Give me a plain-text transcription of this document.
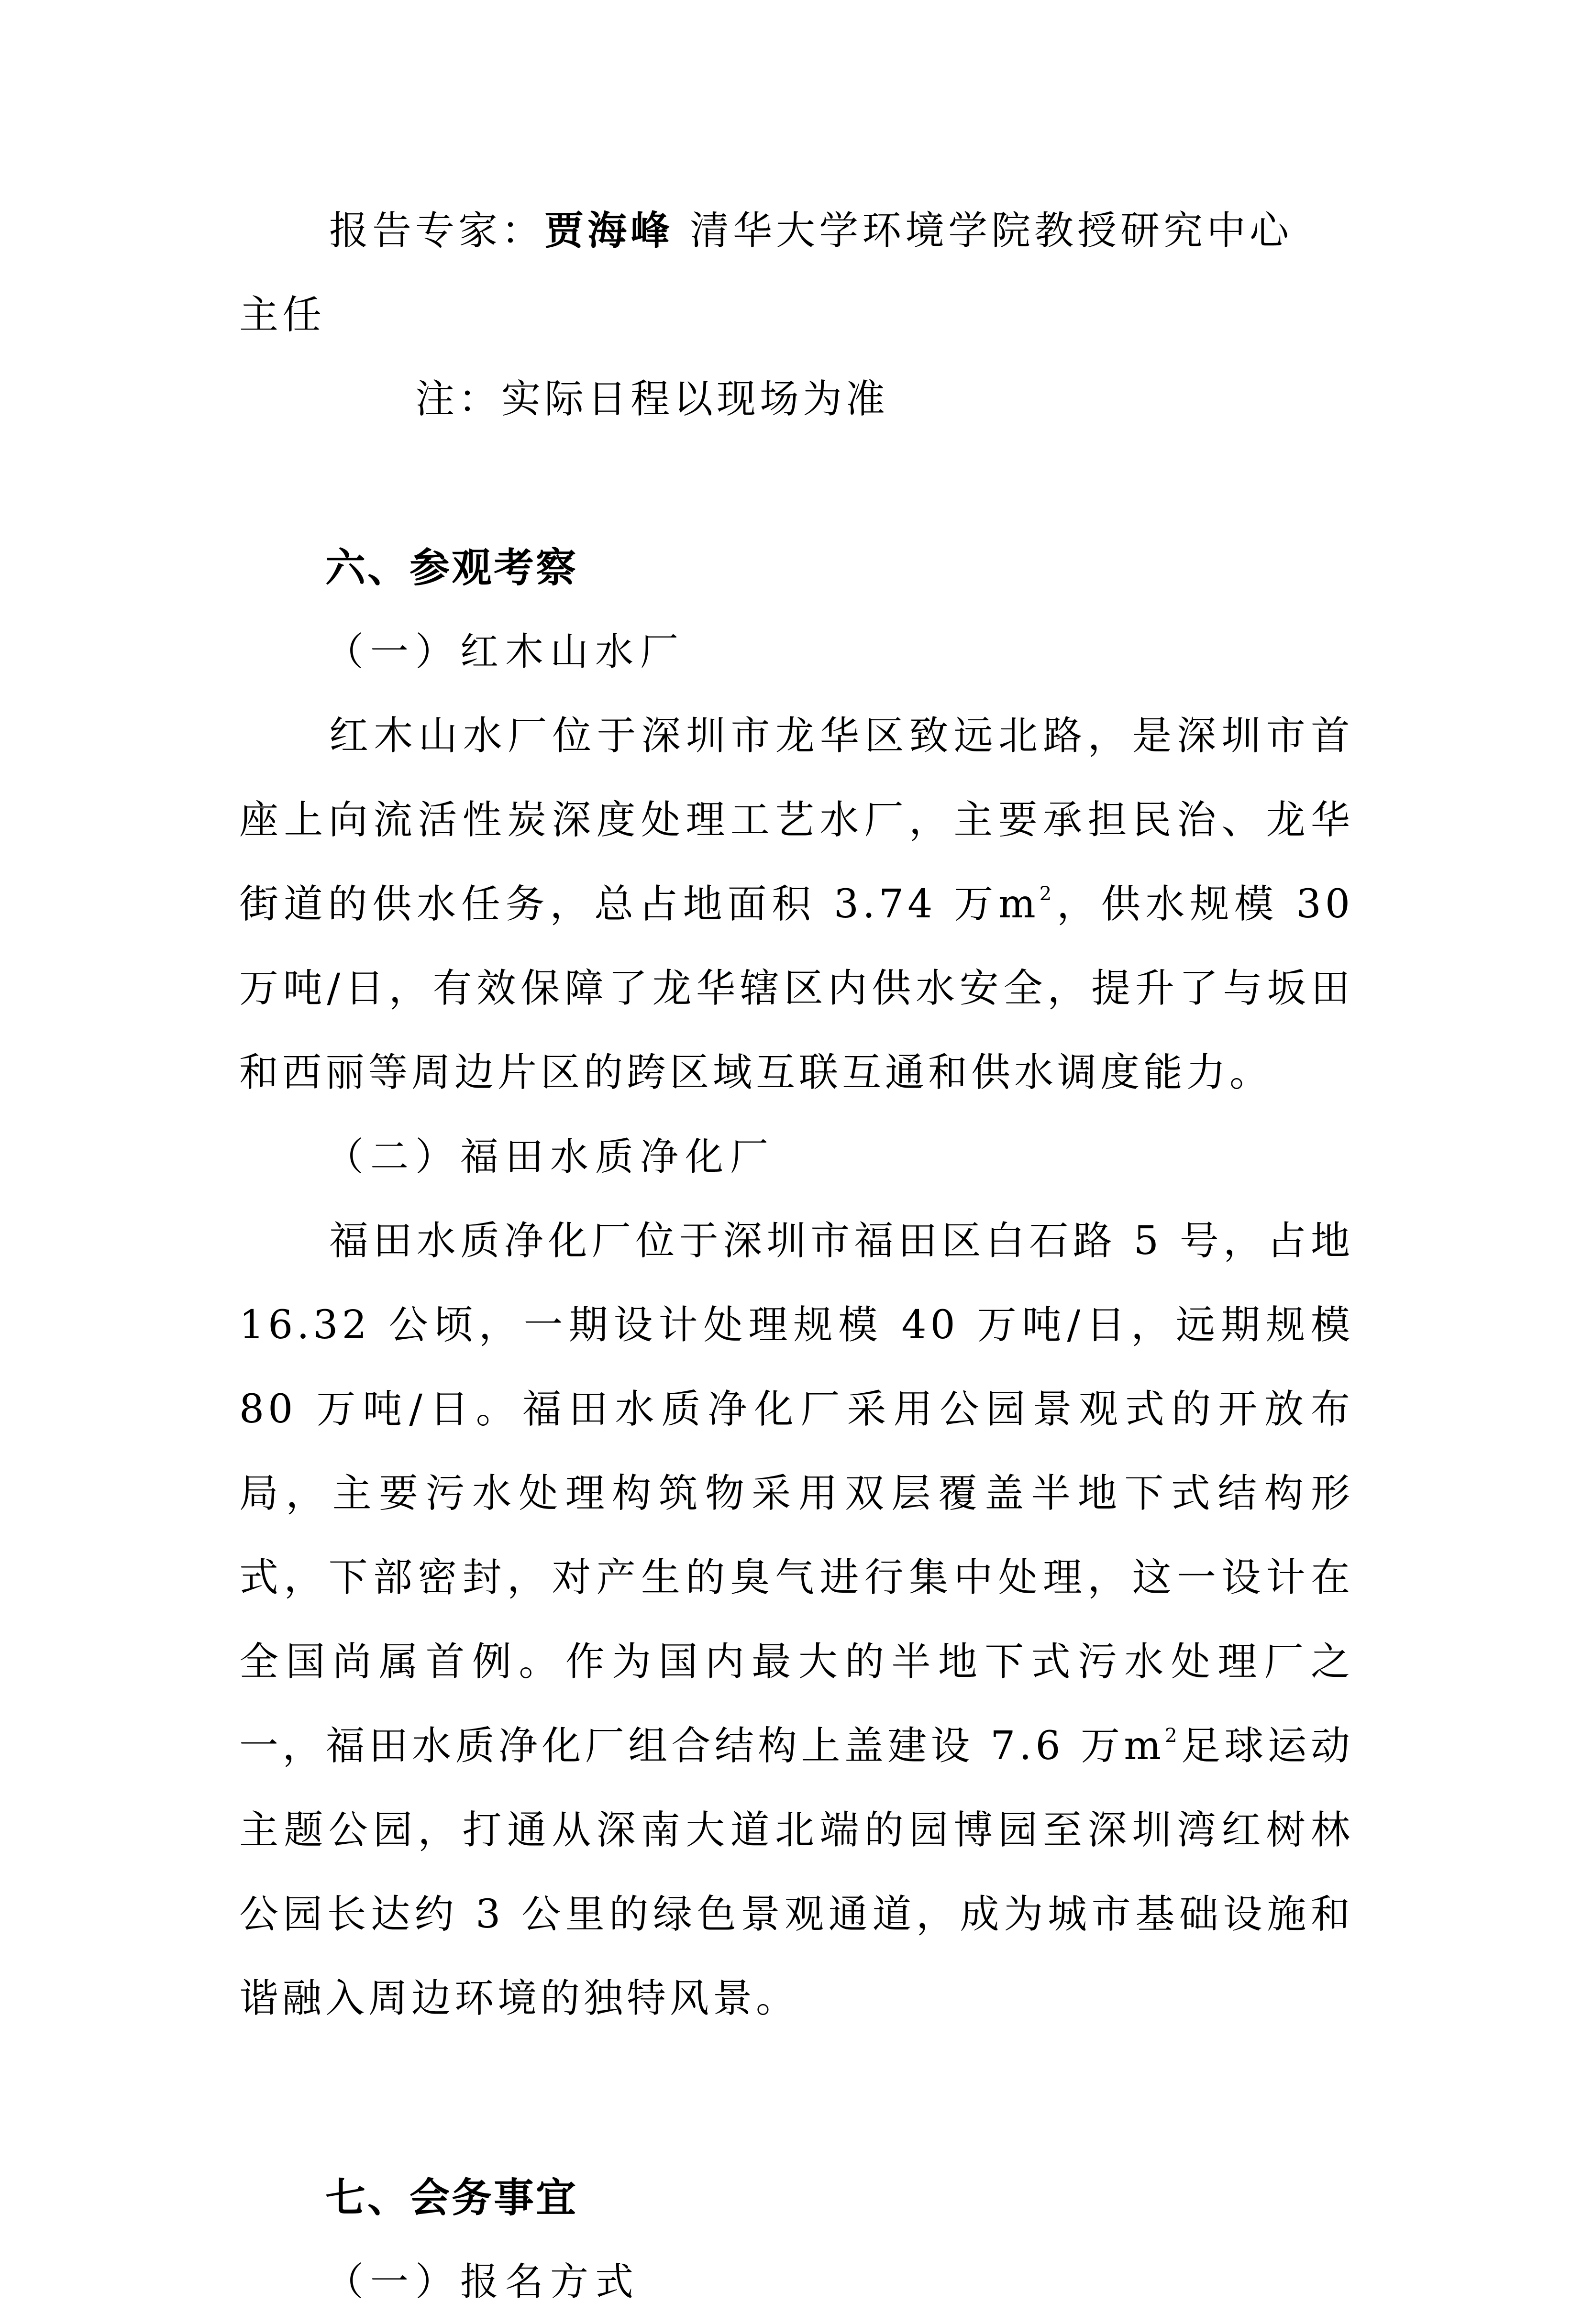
报告专家：贾海峰 清华大学环境学院教授研究中心
主任

注：实际日程以现场为准
六、参观考察
（一）红木山水厂

红木山水厂位于深圳市龙华区致远北路，是深圳市首座上向流活性炭深度处理工艺水厂，主要承担民治、龙华街道的供水任务，总占地面积 3.74 万$m^2$，供水规模 30 万吨/日，有效保障了龙华辖区内供水安全，提升了与坂田和西丽等周边片区的跨区域互联互通和供水调度能力。

（二）福田水质净化厂

福田水质净化厂位于深圳市福田区白石路 5 号，占地16.32 公顷，一期设计处理规模 40 万吨/日，远期规模 80 万吨/日。福田水质净化厂采用公园景观式的开放布局，主要污水处理构筑物采用双层覆盖半地下式结构形式，下部密封，对产生的臭气进行集中处理，这一设计在全国尚属首例。作为国内最大的半地下式污水处理厂之一，福田水质净化厂组合结构上盖建设 7.6 万$m^2$足球运动主题公园，打通从深南大道北端的园博园至深圳湾红树林公园长达约 3 公里的绿色景观通道，成为城市基础设施和谐融入周边环境的独特风景。

七、会务事宜
（一）报名方式
